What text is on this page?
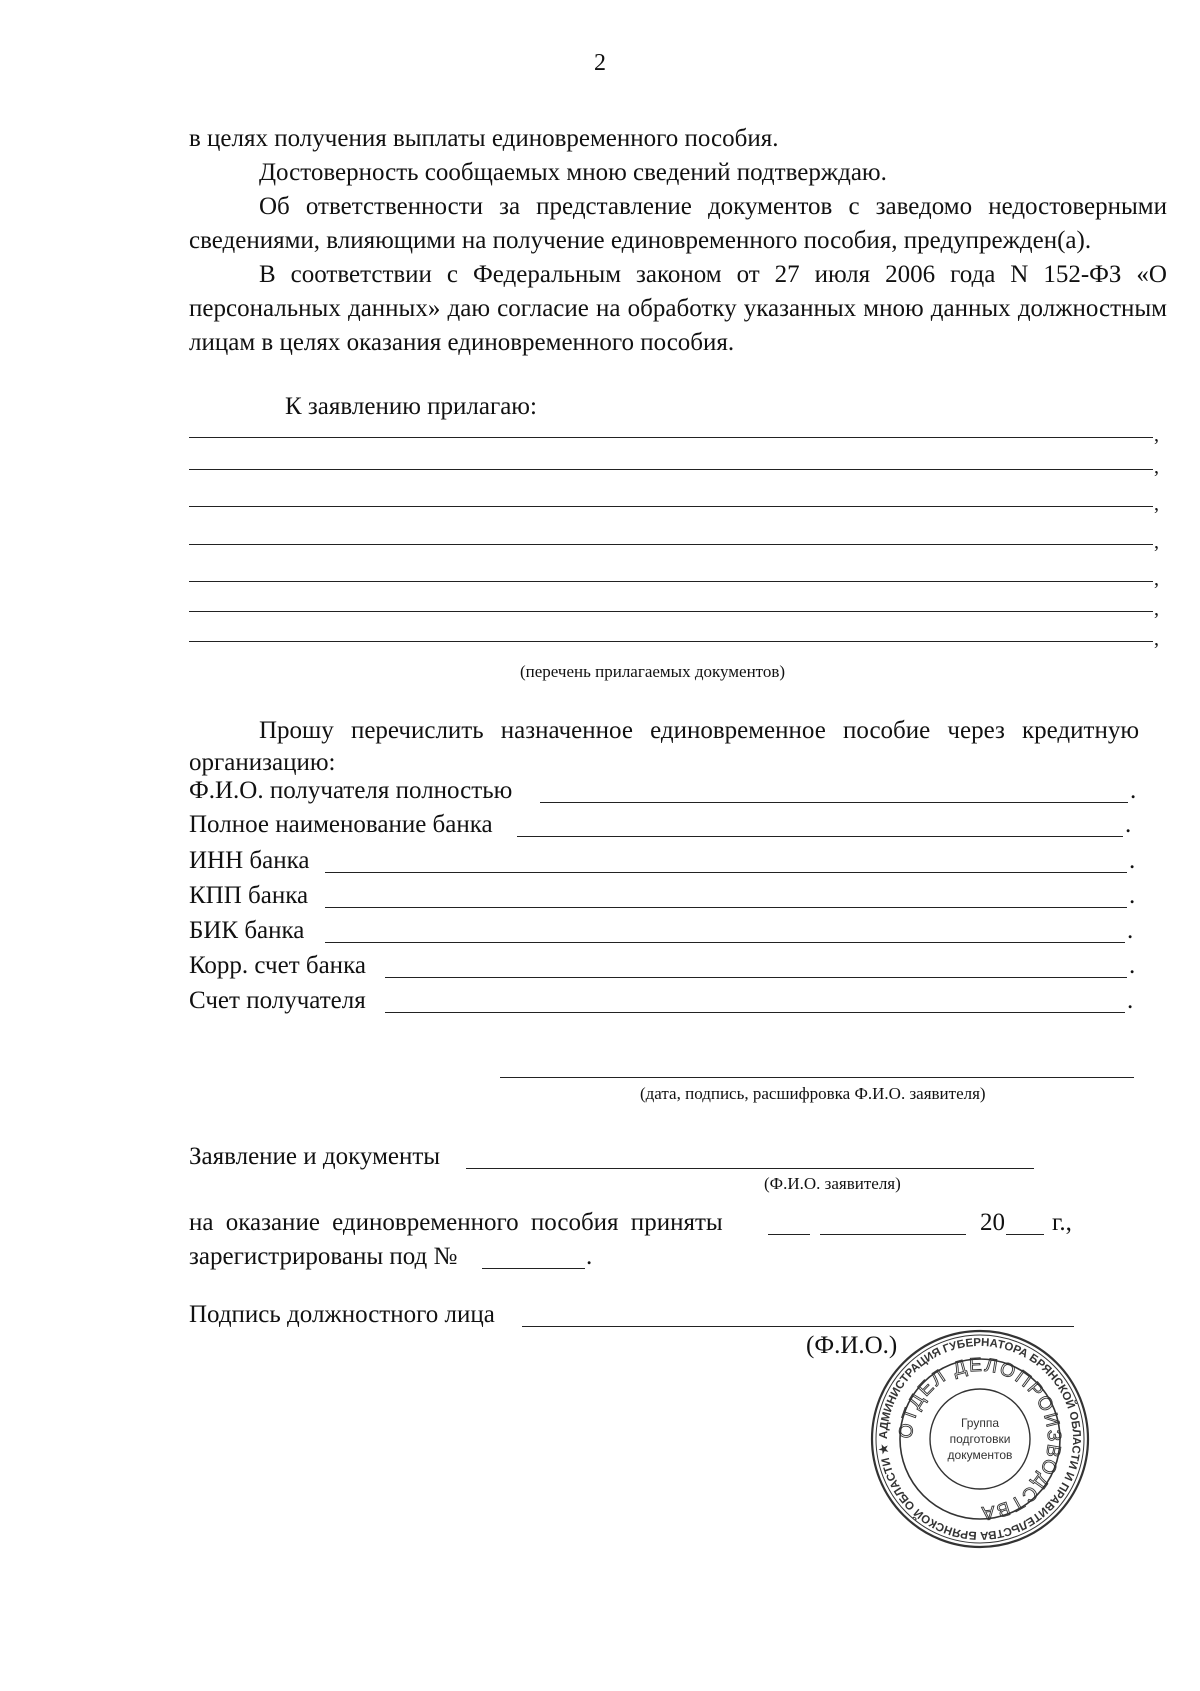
2
в целях получения выплаты единовременного пособия.
Достоверность сообщаемых мною сведений подтверждаю.
Об ответственности за представление документов с заведомо недостоверными сведениями, влияющими на получение единовременного пособия, предупрежден(а).
В соответствии с Федеральным законом от 27 июля 2006 года N 152-ФЗ «О персональных данных» даю согласие на обработку указанных мною данных должностным лицам в целях оказания единовременного пособия.
К заявлению прилагаю:
,
,
,
,
,
,
,
(перечень прилагаемых документов)

Прошу перечислить назначенное единовременное пособие через кредитную организацию:

Ф.И.О. получателя полностью	.
Полное наименование банка	.
ИНН банка	.
КПП банка	.
БИК банка	.
Корр. счет банка	.
Счет получателя	.
(дата, подпись, расшифровка Ф.И.О. заявителя)
Заявление и документы
(Ф.И.О. заявителя)
на оказание единовременного пособия приняты	20 г.,
зарегистрированы под №	.
Подпись должностного лица
(Ф.И.О.)
АДМИНИСТРАЦИЯ ГУБЕРНАТОРА БРЯНСКОЙ ОБЛАСТИ И ПРАВИТЕЛЬСТВА БРЯНСКОЙ ОБЛАСТИ ★
ОТДЕЛ ДЕЛОПРОИЗВОДСТВА
Группа
подготовки
документов
